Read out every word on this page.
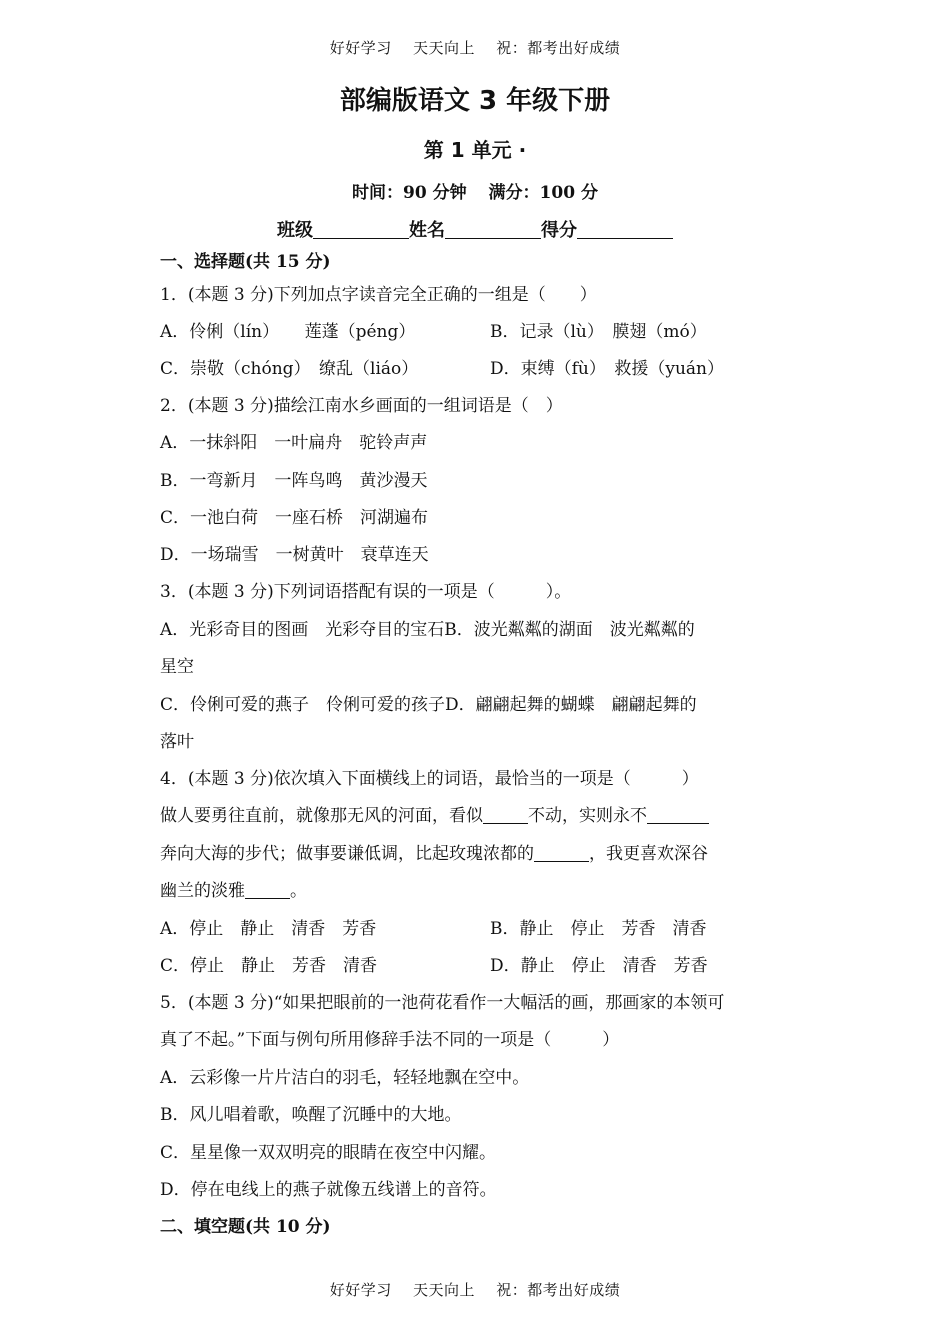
好好学习 天天向上 祝：都考出好成绩
部编版语文 3 年级下册
第 1 单元 ·
时间：90 分钟 满分：100 分
班级	姓名	得分
一、选择题(共 15 分)
1．(本题 3 分)下列加点字读音完全正确的一组是（　　）
A．伶俐（lín）　　莲蓬（péng）	B．记录（lù）　膜翅（mó）
C．崇敬（chóng）　缭乱（liáo）	D．束缚（fù）　救援（yuán）
2．(本题 3 分)描绘江南水乡画面的一组词语是（　）
A．一抹斜阳　一叶扁舟　驼铃声声
B．一弯新月　一阵鸟鸣　黄沙漫天
C．一池白荷　一座石桥　河湖遍布
D．一场瑞雪　一树黄叶　衰草连天
3．(本题 3 分)下列词语搭配有误的一项是（　　　）。
A．光彩奇目的图画　光彩夺目的宝石B．波光粼粼的湖面　波光粼粼的
星空
C．伶俐可爱的燕子　伶俐可爱的孩子D．翩翩起舞的蝴蝶　翩翩起舞的
落叶
4．(本题 3 分)依次填入下面横线上的词语，最恰当的一项是（　　　）
做人要勇往直前，就像那无风的河面，看似	不动，实则永不
奔向大海的步代；做事要谦低调，比起玫瑰浓都的	，我更喜欢深谷
幽兰的淡雅	。
A．停止　静止　清香　芳香	B．静止　停止　芳香　清香
C．停止　静止　芳香　清香	D．静止　停止　清香　芳香
5．(本题 3 分)“如果把眼前的一池荷花看作一大幅活的画，那画家的本领可
真了不起。”下面与例句所用修辞手法不同的一项是（　　　）
A．云彩像一片片洁白的羽毛，轻轻地飘在空中。
B．风儿唱着歌，唤醒了沉睡中的大地。
C．星星像一双双明亮的眼睛在夜空中闪耀。
D．停在电线上的燕子就像五线谱上的音符。
二、填空题(共 10 分)
好好学习 天天向上 祝：都考出好成绩
